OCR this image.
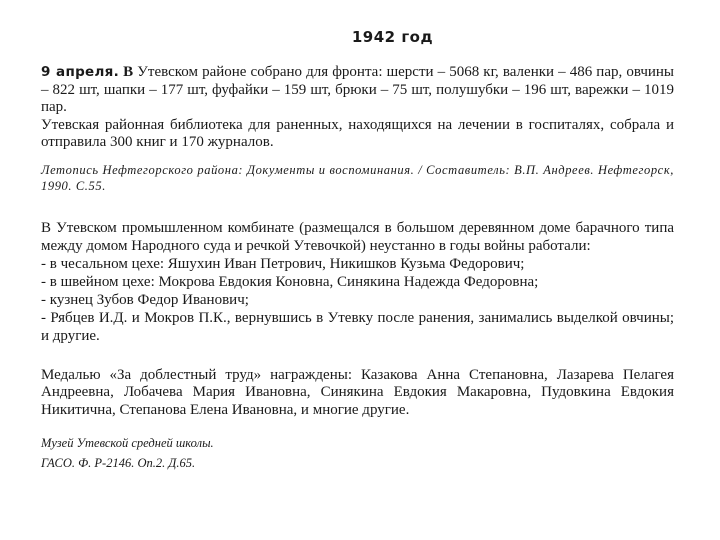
1942 год

9 апреля. В Утевском районе собрано для фронта: шерсти – 5068 кг, валенки – 486 пар, овчины – 822 шт, шапки – 177 шт, фуфайки – 159 шт, брюки – 75 шт, полушубки – 196 шт, варежки – 1019 пар.

Утевская районная библиотека для раненных, находящихся на лечении в госпиталях, собрала и отправила 300 книг и 170 журналов.

Летопись Нефтегорского района: Документы и воспоминания. / Составитель: В.П. Андреев. Нефтегорск, 1990. С.55.

В Утевском промышленном комбинате (размещался в большом деревянном доме барачного типа между домом Народного суда и речкой Утевочкой) неустанно в годы войны работали:

- в чесальном цехе: Яшухин Иван Петрович, Никишков Кузьма Федорович;

- в швейном цехе: Мокрова Евдокия Коновна, Синякина Надежда Федоровна;

- кузнец Зубов Федор Иванович;

- Рябцев И.Д. и Мокров П.К., вернувшись в Утевку после ранения, занимались выделкой овчины; и другие.

Медалью «За доблестный труд» награждены: Казакова Анна Степановна, Лазарева Пелагея Андреевна, Лобачева Мария Ивановна, Синякина Евдокия Макаровна, Пудовкина Евдокия Никитична, Степанова Елена Ивановна, и многие другие.

Музей Утевской средней школы.
ГАСО. Ф. Р-2146. Оп.2. Д.65.
